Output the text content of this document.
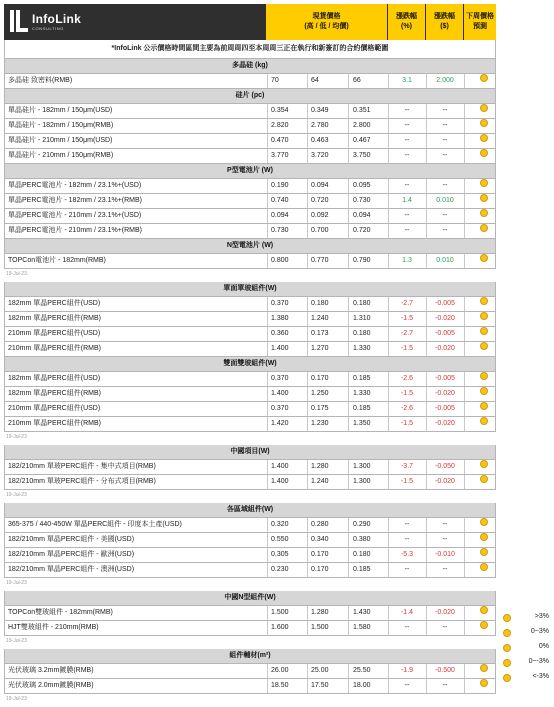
InfoLink
CONSULTING
現貨價格
(高 / 低 / 均價)
漲跌幅
(%)
漲跌幅
($)
下周價格
預測
*InfoLink 公示價格時間區間主要為前周周四至本周周三正在執行和新簽訂的合約價格範圍
多晶硅 (kg)
多晶硅 致密料(RMB)	70	64	66	3.1	2.000
硅片 (pc)
單晶硅片 - 182mm / 150μm(USD)	0.354	0.349	0.351	--	--
單晶硅片 - 182mm / 150μm(RMB)	2.820	2.780	2.800	--	--
單晶硅片 - 210mm / 150μm(USD)	0.470	0.463	0.467	--	--
單晶硅片 - 210mm / 150μm(RMB)	3.770	3.720	3.750	--	--
P型電池片 (W)
單晶PERC電池片 - 182mm / 23.1%+(USD)	0.190	0.094	0.095	--	--
單晶PERC電池片 - 182mm / 23.1%+(RMB)	0.740	0.720	0.730	1.4	0.010
單晶PERC電池片 - 210mm / 23.1%+(USD)	0.094	0.092	0.094	--	--
單晶PERC電池片 - 210mm / 23.1%+(RMB)	0.730	0.700	0.720	--	--
N型電池片 (W)
TOPCon電池片 - 182mm(RMB)	0.800	0.770	0.790	1.3	0.010
19-Jul-23
單面單玻組件(W)
182mm 單晶PERC組件(USD)	0.370	0.180	0.180	-2.7	-0.005
182mm 單晶PERC組件(RMB)	1.380	1.240	1.310	-1.5	-0.020
210mm 單晶PERC組件(USD)	0.360	0.173	0.180	-2.7	-0.005
210mm 單晶PERC組件(RMB)	1.400	1.270	1.330	-1.5	-0.020
雙面雙玻組件(W)
182mm 單晶PERC組件(USD)	0.370	0.170	0.185	-2.6	-0.005
182mm 單晶PERC組件(RMB)	1.400	1.250	1.330	-1.5	-0.020
210mm 單晶PERC組件(USD)	0.370	0.175	0.185	-2.6	-0.005
210mm 單晶PERC組件(RMB)	1.420	1.230	1.350	-1.5	-0.020
19-Jul-23
中國項目(W)
182/210mm 單玻PERC組件 - 集中式項目(RMB)	1.400	1.280	1.300	-3.7	-0.050
182/210mm 單玻PERC組件 - 分布式項目(RMB)	1.400	1.240	1.300	-1.5	-0.020
19-Jul-23
各區域組件(W)
365-375 / 440-450W 單晶PERC組件 - 印度本土產(USD)	0.320	0.280	0.290	--	--
182/210mm 單晶PERC組件 - 美國(USD)	0.550	0.340	0.380	--	--
182/210mm 單晶PERC組件 - 歐洲(USD)	0.305	0.170	0.180	-5.3	-0.010
182/210mm 單晶PERC組件 - 澳洲(USD)	0.230	0.170	0.185	--	--
19-Jul-23
中國N型組件(W)
TOPCon雙玻組件 - 182mm(RMB)	1.500	1.280	1.430	-1.4	-0.020
HJT雙玻組件 - 210mm(RMB)	1.600	1.500	1.580	--	--
19-Jul-23
組件輔材(m²)
光伏玻璃 3.2mm鍍膜(RMB)	26.00	25.00	25.50	-1.9	-0.500
光伏玻璃 2.0mm鍍膜(RMB)	18.50	17.50	18.00	--	--
19-Jul-23
>3%
0~3%
0%
0~-3%
<-3%
